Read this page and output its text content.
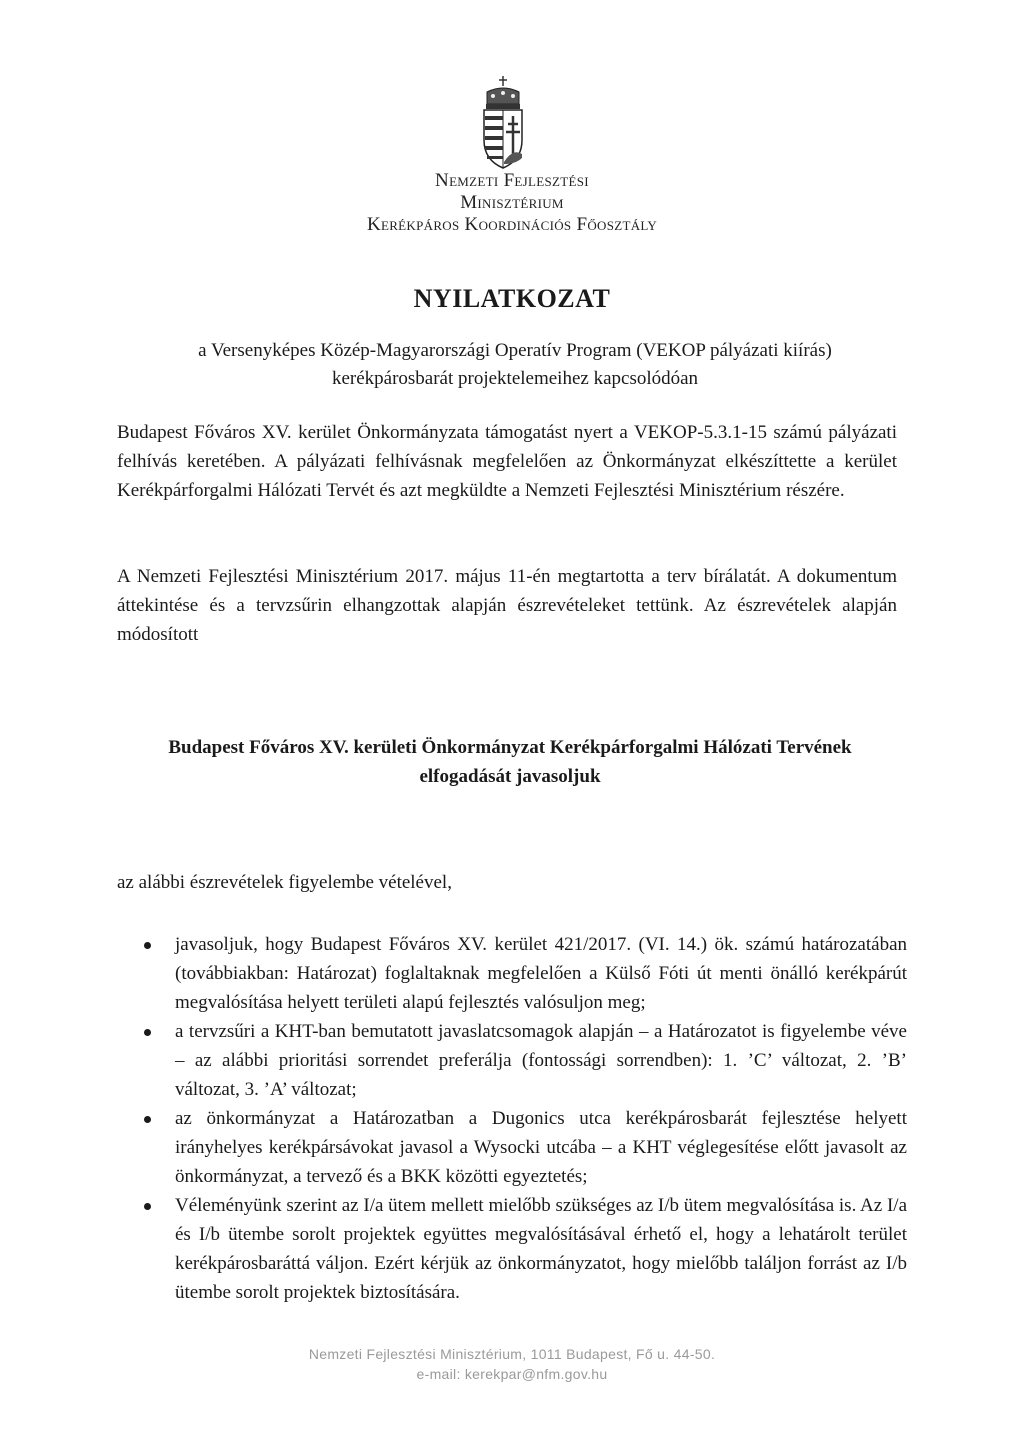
Nemzeti Fejlesztési
Minisztérium
Kerékpáros Koordinációs Főosztály
NYILATKOZAT
a Versenyképes Közép-Magyarországi Operatív Program (VEKOP pályázati kiírás)
kerékpárosbarát projektelemeihez kapcsolódóan
Budapest Főváros XV. kerület Önkormányzata támogatást nyert a VEKOP-5.3.1-15 számú pályázati felhívás keretében. A pályázati felhívásnak megfelelően az Önkormányzat elkészíttette a kerület Kerékpárforgalmi Hálózati Tervét és azt megküldte a Nemzeti Fejlesztési Minisztérium részére.
A Nemzeti Fejlesztési Minisztérium 2017. május 11-én megtartotta a terv bírálatát. A dokumentum áttekintése és a tervzsűrin elhangzottak alapján észrevételeket tettünk. Az észrevételek alapján módosított
Budapest Főváros XV. kerületi Önkormányzat Kerékpárforgalmi Hálózati Tervének
elfogadását javasoljuk
az alábbi észrevételek figyelembe vételével,
javasoljuk, hogy Budapest Főváros XV. kerület 421/2017. (VI. 14.) ök. számú határozatában (továbbiakban: Határozat) foglaltaknak megfelelően a Külső Fóti út menti önálló kerékpárút megvalósítása helyett területi alapú fejlesztés valósuljon meg;
a tervzsűri a KHT-ban bemutatott javaslatcsomagok alapján – a Határozatot is figyelembe véve – az alábbi prioritási sorrendet preferálja (fontossági sorrendben): 1. ’C’ változat, 2. ’B’ változat, 3. ’A’ változat;
az önkormányzat a Határozatban a Dugonics utca kerékpárosbarát fejlesztése helyett irányhelyes kerékpársávokat javasol a Wysocki utcába – a KHT véglegesítése előtt javasolt az önkormányzat, a tervező és a BKK közötti egyeztetés;
Véleményünk szerint az I/a ütem mellett mielőbb szükséges az I/b ütem megvalósítása is. Az I/a és I/b ütembe sorolt projektek együttes megvalósításával érhető el, hogy a lehatárolt terület kerékpárosbaráttá váljon. Ezért kérjük az önkormányzatot, hogy mielőbb találjon forrást az I/b ütembe sorolt projektek biztosítására.
Nemzeti Fejlesztési Minisztérium, 1011 Budapest, Fő u. 44-50.
e-mail: kerekpar@nfm.gov.hu
